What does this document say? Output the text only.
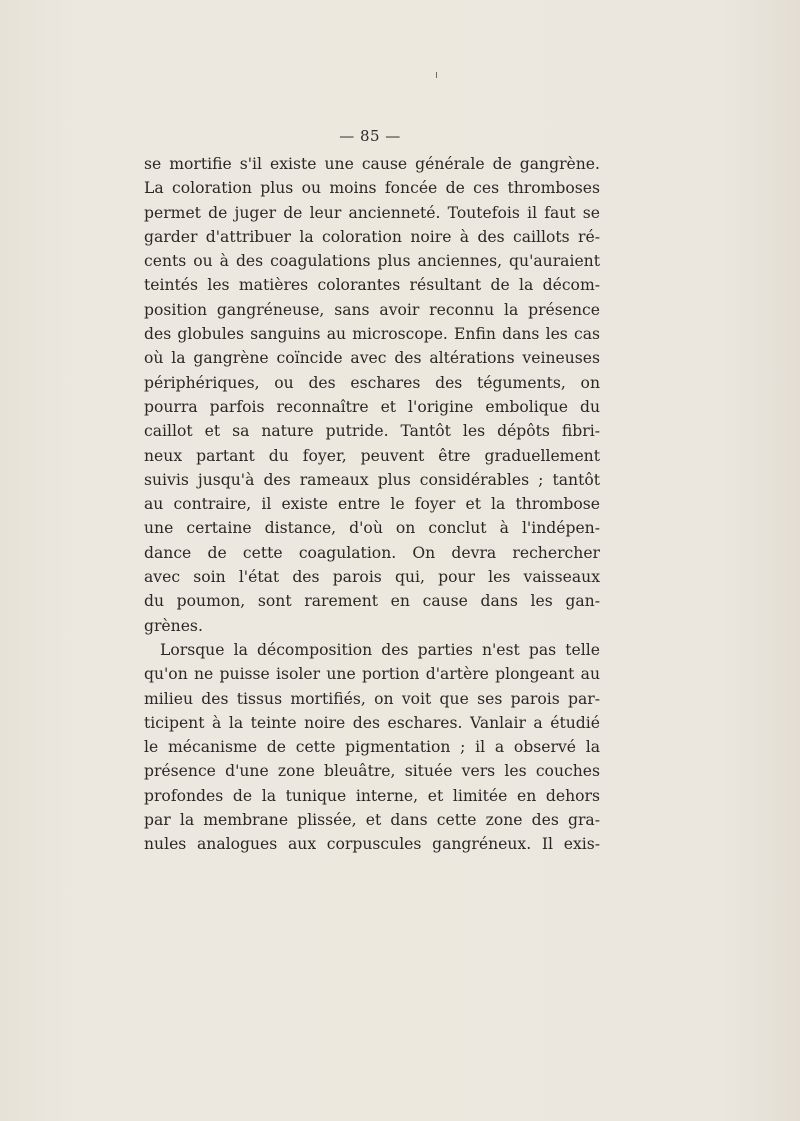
— 85 —
se mortifie s'il existe une cause générale de gangrène.
La coloration plus ou moins foncée de ces thromboses
permet de juger de leur ancienneté. Toutefois il faut se
garder d'attribuer la coloration noire à des caillots ré-
cents ou à des coagulations plus anciennes, qu'auraient
teintés les matières colorantes résultant de la décom-
position gangréneuse, sans avoir reconnu la présence
des globules sanguins au microscope. Enfin dans les cas
où la gangrène coïncide avec des altérations veineuses
périphériques, ou des eschares des téguments, on
pourra parfois reconnaître et l'origine embolique du
caillot et sa nature putride. Tantôt les dépôts fibri-
neux partant du foyer, peuvent être graduellement
suivis jusqu'à des rameaux plus considérables ; tantôt
au contraire, il existe entre le foyer et la thrombose
une certaine distance, d'où on conclut à l'indépen-
dance de cette coagulation. On devra rechercher
avec soin l'état des parois qui, pour les vaisseaux
du poumon, sont rarement en cause dans les gan-
grènes.
Lorsque la décomposition des parties n'est pas telle
qu'on ne puisse isoler une portion d'artère plongeant au
milieu des tissus mortifiés, on voit que ses parois par-
ticipent à la teinte noire des eschares. Vanlair a étudié
le mécanisme de cette pigmentation ; il a observé la
présence d'une zone bleuâtre, située vers les couches
profondes de la tunique interne, et limitée en dehors
par la membrane plissée, et dans cette zone des gra-
nules analogues aux corpuscules gangréneux. Il exis-
